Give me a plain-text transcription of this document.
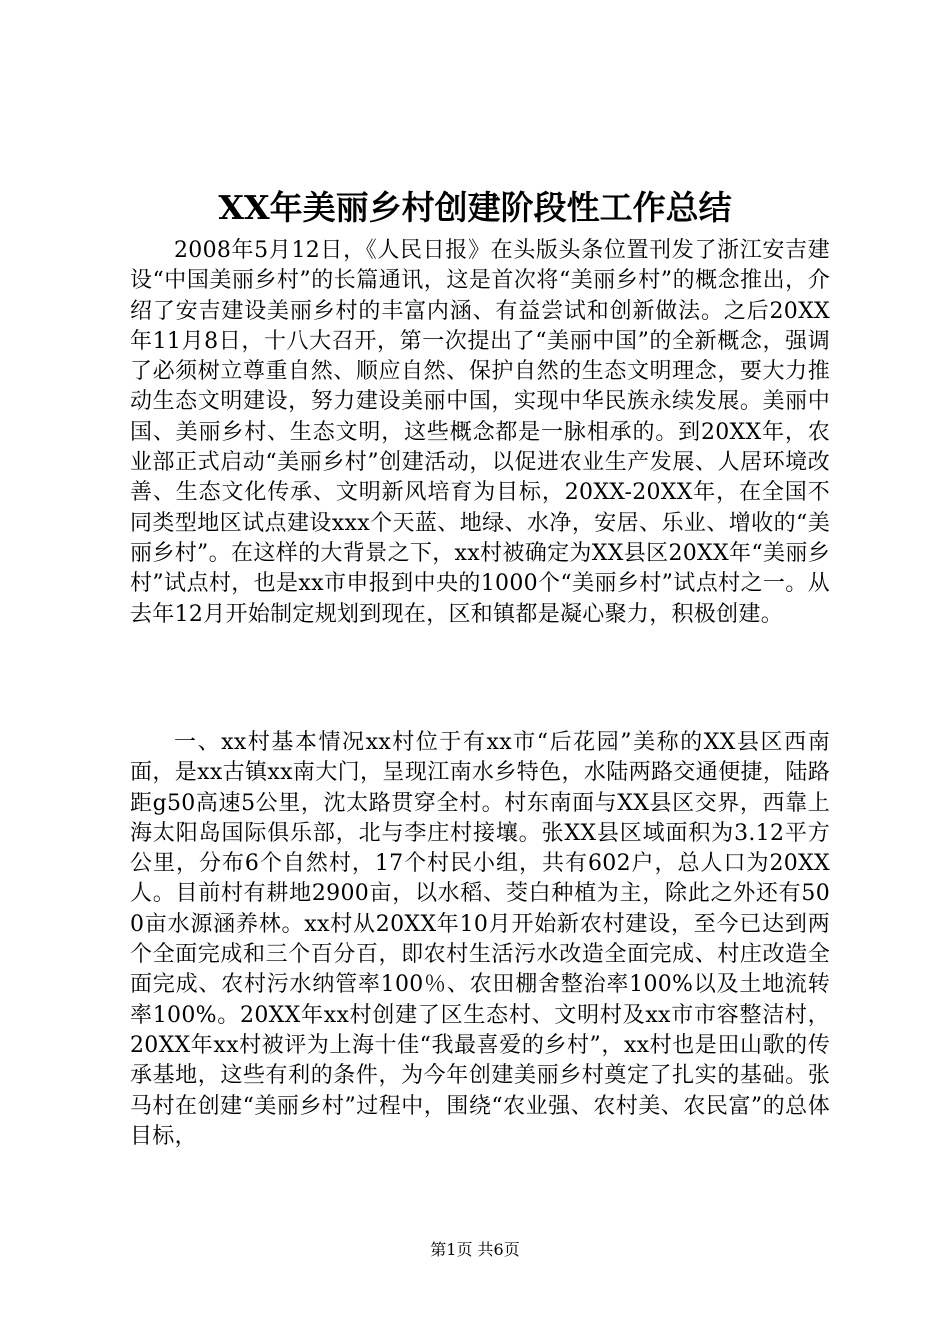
XX年美丽乡村创建阶段性工作总结

2008年5月12日，《人民日报》在头版头条位置刊发了浙江安吉建设“中国美丽乡村”的长篇通讯，这是首次将“美丽乡村”的概念推出，介绍了安吉建设美丽乡村的丰富内涵、有益尝试和创新做法。之后20XX年11月8日，十八大召开，第一次提出了“美丽中国”的全新概念，强调了必须树立尊重自然、顺应自然、保护自然的生态文明理念，要大力推动生态文明建设，努力建设美丽中国，实现中华民族永续发展。美丽中国、美丽乡村、生态文明，这些概念都是一脉相承的。到20XX年，农业部正式启动“美丽乡村”创建活动，以促进农业生产发展、人居环境改善、生态文化传承、文明新风培育为目标，20XX-20XX年，在全国不同类型地区试点建设xxx个天蓝、地绿、水净，安居、乐业、增收的“美丽乡村”。在这样的大背景之下，xx村被确定为XX县区20XX年“美丽乡村”试点村，也是xx市申报到中央的1000个“美丽乡村”试点村之一。从去年12月开始制定规划到现在，区和镇都是凝心聚力，积极创建。

一、xx村基本情况xx村位于有xx市“后花园”美称的XX县区西南面，是xx古镇xx南大门，呈现江南水乡特色，水陆两路交通便捷，陆路距g50高速5公里，沈太路贯穿全村。村东南面与XX县区交界，西靠上海太阳岛国际俱乐部，北与李庄村接壤。张XX县区域面积为3.12平方公里，分布6个自然村，17个村民小组，共有602户，总人口为20XX人。目前村有耕地2900亩，以水稻、茭白种植为主，除此之外还有500亩水源涵养林。xx村从20XX年10月开始新农村建设，至今已达到两个全面完成和三个百分百，即农村生活污水改造全面完成、村庄改造全面完成、农村污水纳管率100％、农田棚舍整治率100%以及土地流转率100%。20XX年xx村创建了区生态村、文明村及xx市市容整洁村，20XX年xx村被评为上海十佳“我最喜爱的乡村”，xx村也是田山歌的传承基地，这些有利的条件，为今年创建美丽乡村奠定了扎实的基础。张马村在创建“美丽乡村”过程中，围绕“农业强、农村美、农民富”的总体目标，

第1页 共6页
